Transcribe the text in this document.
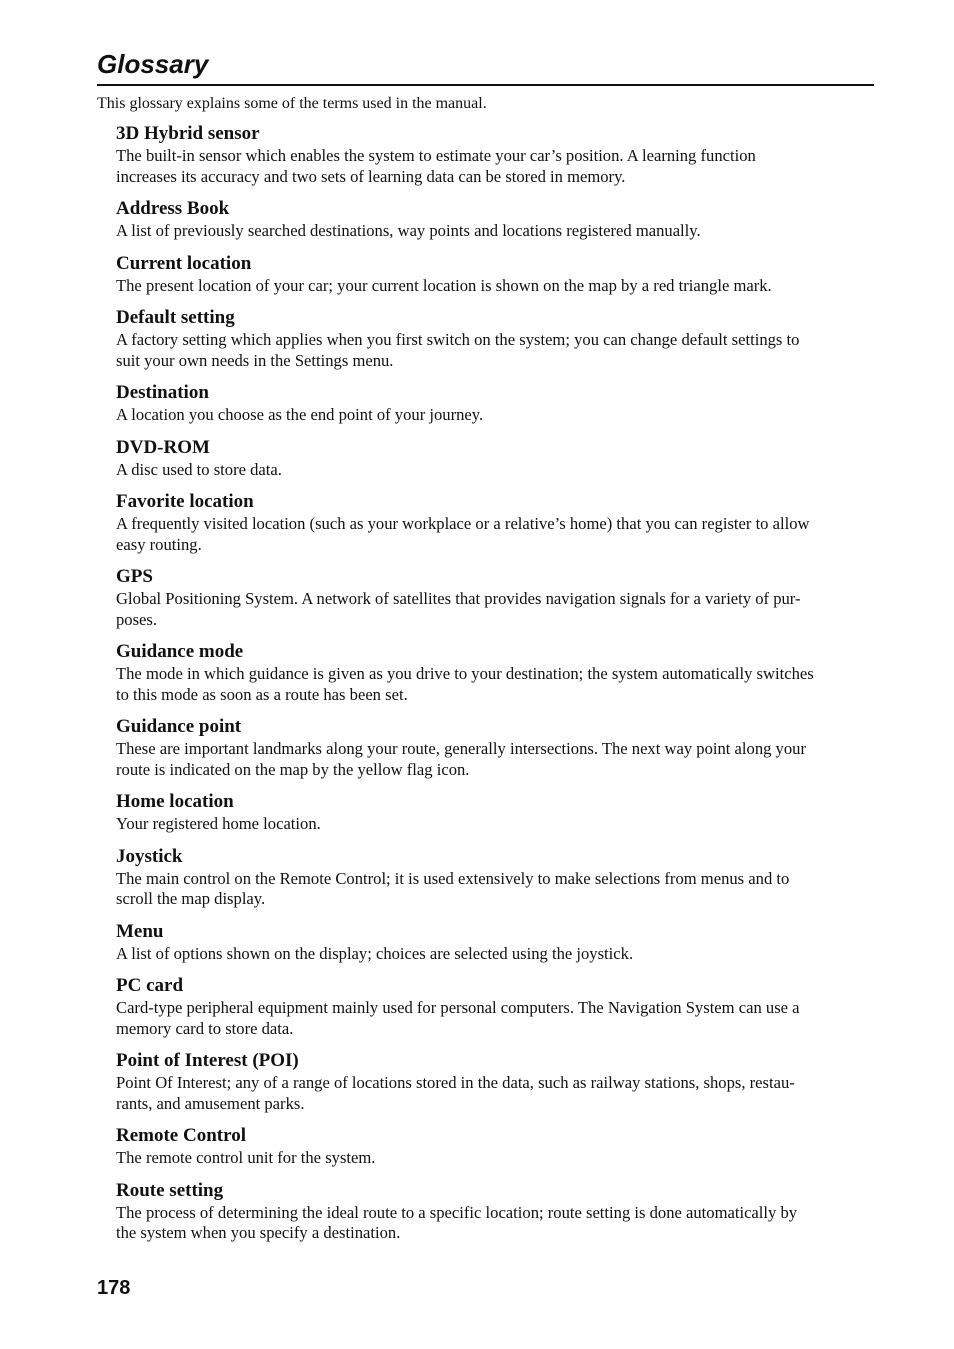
Glossary

This glossary explains some of the terms used in the manual.

3D Hybrid sensor

The built-in sensor which enables the system to estimate your car’s position. A learning function
increases its accuracy and two sets of learning data can be stored in memory.

Address Book

A list of previously searched destinations, way points and locations registered manually.

Current location

The present location of your car; your current location is shown on the map by a red triangle mark.

Default setting

A factory setting which applies when you first switch on the system; you can change default settings to
suit your own needs in the Settings menu.

Destination

A location you choose as the end point of your journey.

DVD-ROM

A disc used to store data.

Favorite location

A frequently visited location (such as your workplace or a relative’s home) that you can register to allow
easy routing.

GPS

Global Positioning System. A network of satellites that provides navigation signals for a variety of pur-
poses.

Guidance mode

The mode in which guidance is given as you drive to your destination; the system automatically switches
to this mode as soon as a route has been set.

Guidance point

These are important landmarks along your route, generally intersections. The next way point along your
route is indicated on the map by the yellow flag icon.

Home location

Your registered home location.

Joystick

The main control on the Remote Control; it is used extensively to make selections from menus and to
scroll the map display.

Menu

A list of options shown on the display; choices are selected using the joystick.

PC card

Card-type peripheral equipment mainly used for personal computers. The Navigation System can use a
memory card to store data.

Point of Interest (POI)

Point Of Interest; any of a range of locations stored in the data, such as railway stations, shops, restau-
rants, and amusement parks.

Remote Control

The remote control unit for the system.

Route setting

The process of determining the ideal route to a specific location; route setting is done automatically by
the system when you specify a destination.

178
